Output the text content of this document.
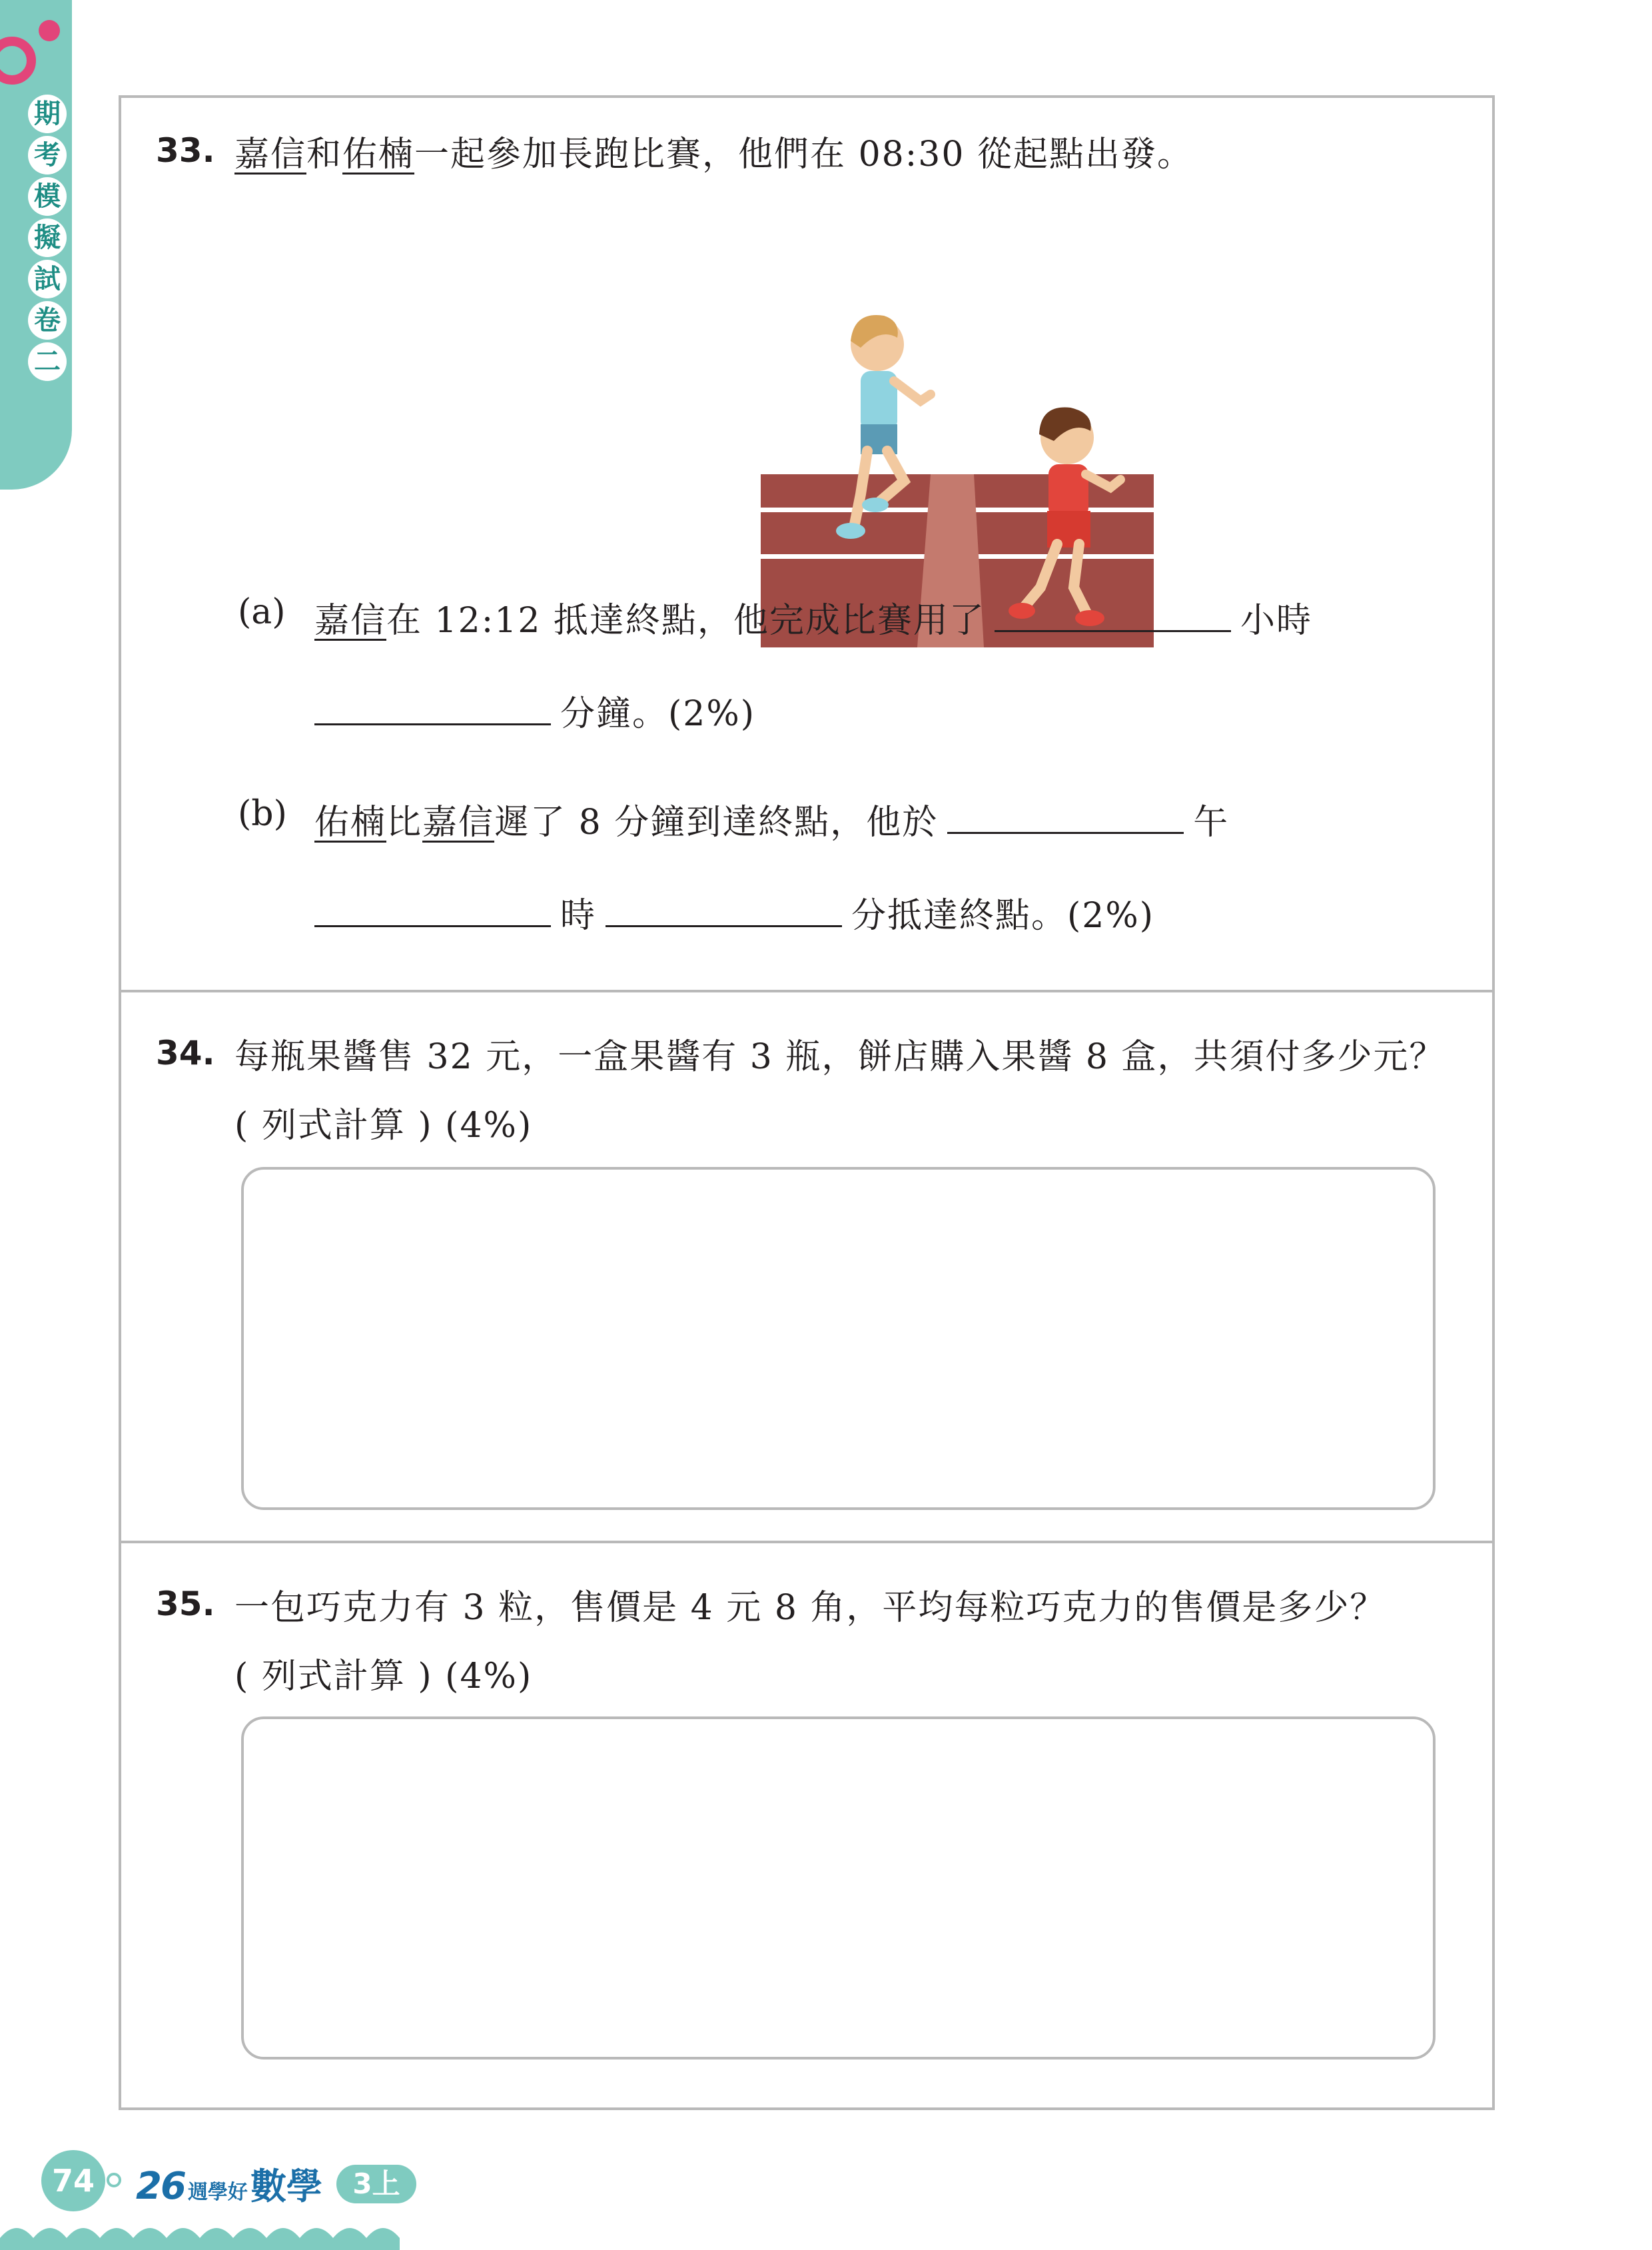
期
考
模
擬
試
卷
二
33. 嘉信和佑楠一起參加長跑比賽，他們在 08:30 從起點出發。
(a) 嘉信在 12:12 抵達終點，他完成比賽用了	小時
分鐘。(2%)
(b) 佑楠比嘉信遲了 8 分鐘到達終點，他於	午
時	分抵達終點。(2%)
34. 每瓶果醬售 32 元，一盒果醬有 3 瓶，餅店購入果醬 8 盒，共須付多少元？
( 列式計算 ) (4%)
35. 一包巧克力有 3 粒，售價是 4 元 8 角，平均每粒巧克力的售價是多少？
( 列式計算 ) (4%)
74 26 週學好數學	3上
